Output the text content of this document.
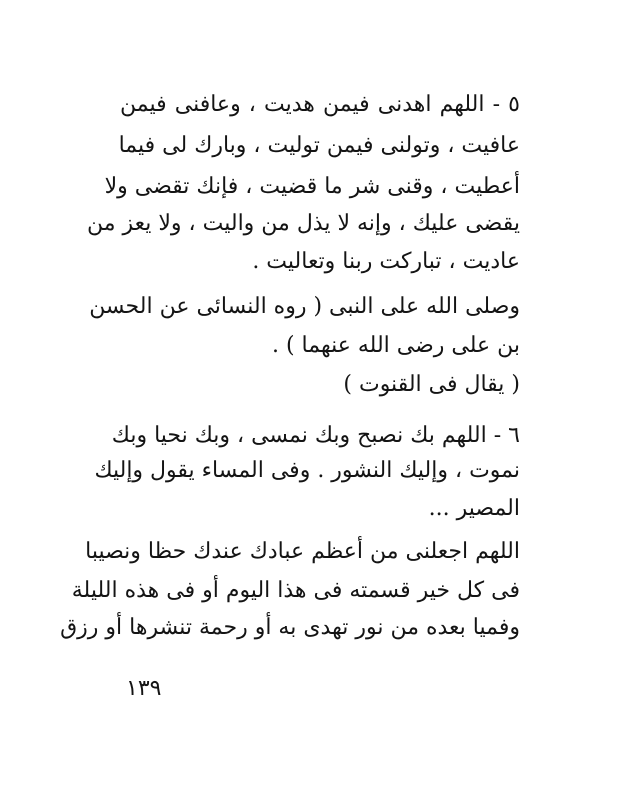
٥ - اللهم اهدنى فيمن هديت ، وعافنى فيمن
عافيت ، وتولنى فيمن توليت ، وبارك لى فيما
أعطيت ، وقنى شر ما قضيت ، فإنك تقضى ولا
يقضى عليك ، وإنه لا يذل من واليت ، ولا يعز من
عاديت ، تباركت ربنا وتعاليت .
وصلى الله على النبى ( روه النسائى عن الحسن
بن على رضى الله عنهما ) .
( يقال فى القنوت )
٦ - اللهم بك نصبح وبك نمسى ، وبك نحيا وبك
نموت ، وإليك النشور . وفى المساء يقول وإليك
المصير ...
اللهم اجعلنى من أعظم عبادك عندك حظا ونصيبا
فى كل خير قسمته فى هذا اليوم أو فى هذه الليلة
وفميا بعده من نور تهدى به أو رحمة تنشرها أو رزق
١٣٩
